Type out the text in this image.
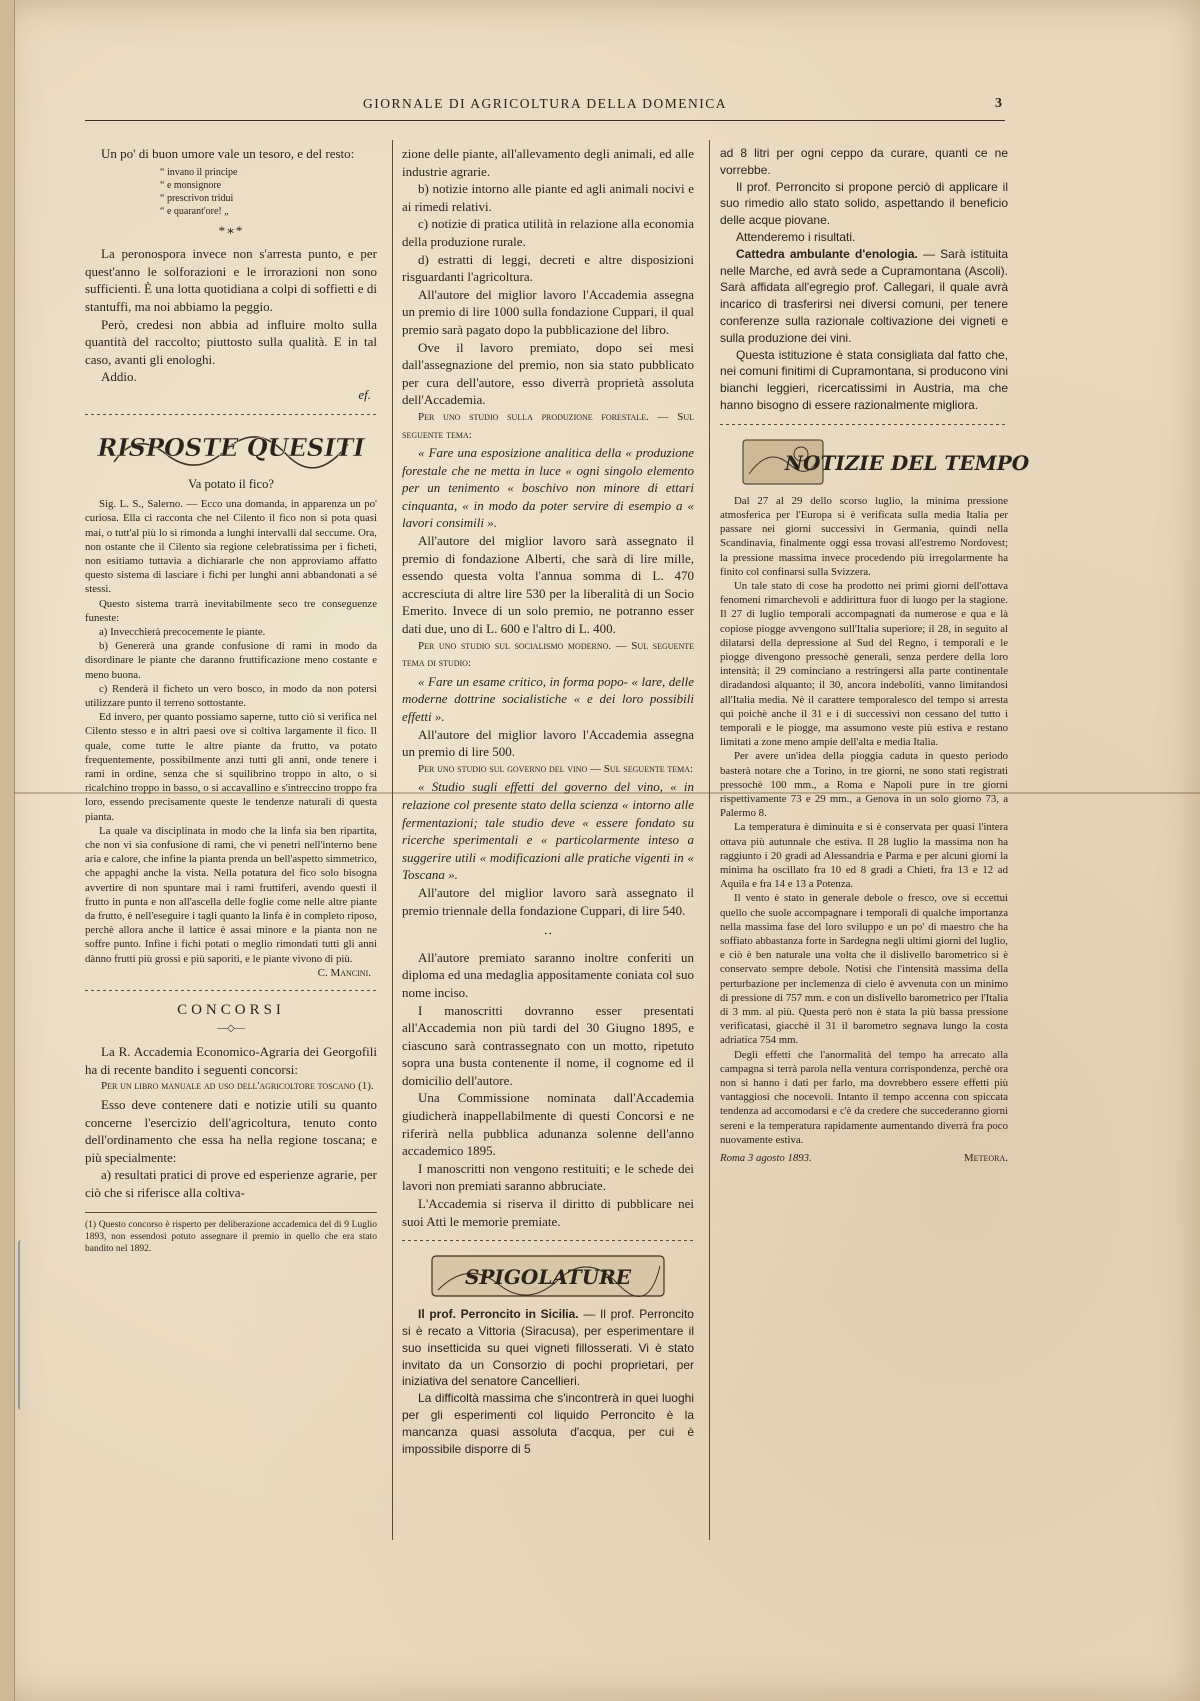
GIORNALE DI AGRICOLTURA DELLA DOMENICA	3

Un po' di buon umore vale un tesoro, e del resto:

“ invano il principe
“ e monsignore
“ prescrivon tridui
“ e quarant'ore! „
*∗*

La peronospora invece non s'arresta punto, e per quest'anno le solforazioni e le irrorazioni non sono sufficienti. È una lotta quotidiana a colpi di soffietti e di stantuffi, ma noi abbiamo la peggio.

Però, credesi non abbia ad influire molto sulla quantità del raccolto; piuttosto sulla qualità. E in tal caso, avanti gli enologhi.

Addio.

ef.
RISPOSTE QUESITI
Va potato il fico?

Sig. L. S., Salerno. — Ecco una domanda, in apparenza un po' curiosa. Ella ci racconta che nel Cilento il fico non si pota quasi mai, o tutt'al più lo si rimonda a lunghi intervalli dal seccume. Ora, non ostante che il Cilento sia regione celebratissima per i ficheti, non esitiamo tuttavia a dichiararle che non approviamo affatto questo sistema di lasciare i fichi per lunghi anni abbandonati a sé stessi.

Questo sistema trarrà inevitabilmente seco tre conseguenze funeste:

a) Invecchierà precocemente le piante.

b) Genererà una grande confusione di rami in modo da disordinare le piante che daranno fruttificazione meno costante e meno buona.

c) Renderà il ficheto un vero bosco, in modo da non potersi utilizzare punto il terreno sottostante.

Ed invero, per quanto possiamo saperne, tutto ciò si verifica nel Cilento stesso e in altri paesi ove si coltiva largamente il fico. Il quale, come tutte le altre piante da frutto, va potato frequentemente, possibilmente anzi tutti gli anni, onde tenere i rami in ordine, senza che si squilibrino troppo in alto, o si ricalchino troppo in basso, o si accavallino e s'intreccino troppo fra loro, essendo precisamente queste le tendenze naturali di questa pianta.

La quale va disciplinata in modo che la linfa sia ben ripartita, che non vi sia confusione di rami, che vi penetri nell'interno bene aria e calore, che infine la pianta prenda un bell'aspetto simmetrico, che appaghi anche la vista. Nella potatura del fico solo bisogna avvertire di non spuntare mai i rami fruttiferi, avendo questi il frutto in punta e non all'ascella delle foglie come nelle altre piante da frutto, è nell'eseguire i tagli quanto la linfa è in completo riposo, perchè allora anche il lattice è assai minore e la pianta non ne soffre punto. Infine i fichi potati o meglio rimondati tutti gli anni dànno frutti più grossi e più saporiti, e le piante vivono di più.

C. Mancini.
CONCORSI
—◇—

La R. Accademia Economico-Agraria dei Georgofili ha di recente bandito i seguenti concorsi:

Per un libro manuale ad uso dell'agricoltore toscano (1).

Esso deve contenere dati e notizie utili su quanto concerne l'esercizio dell'agricoltura, tenuto conto dell'ordinamento che essa ha nella regione toscana; e più specialmente:

a) resultati pratici di prove ed esperienze agrarie, per ciò che si riferisce alla coltiva-

(1) Questo concorso è risperto per deliberazione accademica del di 9 Luglio 1893, non essendosi potuto assegnare il premio in quello che era stato bandito nel 1892.

zione delle piante, all'allevamento degli animali, ed alle industrie agrarie.

b) notizie intorno alle piante ed agli animali nocivi e ai rimedi relativi.

c) notizie di pratica utilità in relazione alla economia della produzione rurale.

d) estratti di leggi, decreti e altre disposizioni risguardanti l'agricoltura.

All'autore del miglior lavoro l'Accademia assegna un premio di lire 1000 sulla fondazione Cuppari, il qual premio sarà pagato dopo la pubblicazione del libro.

Ove il lavoro premiato, dopo sei mesi dall'assegnazione del premio, non sia stato pubblicato per cura dell'autore, esso diverrà proprietà assoluta dell'Accademia.

Per uno studio sulla produzione forestale. — Sul seguente tema:

« Fare una esposizione analitica della « produzione forestale che ne metta in luce « ogni singolo elemento per un tenimento « boschivo non minore di ettari cinquanta, « in modo da poter servire di esempio a « lavori consimili ».

All'autore del miglior lavoro sarà assegnato il premio di fondazione Alberti, che sarà di lire mille, essendo questa volta l'annua somma di L. 470 accresciuta di altre lire 530 per la liberalità di un Socio Emerito. Invece di un solo premio, ne potranno esser dati due, uno di L. 600 e l'altro di L. 400.

Per uno studio sul socialismo moderno. — Sul seguente tema di studio:

« Fare un esame critico, in forma popo- « lare, delle moderne dottrine socialistiche « e dei loro possibili effetti ».

All'autore del miglior lavoro l'Accademia assegna un premio di lire 500.

Per uno studio sul governo del vino — Sul seguente tema:

« Studio sugli effetti del governo del vino, « in relazione col presente stato della scienza « intorno alle fermentazioni; tale studio deve « essere fondato su ricerche sperimentali e « particolarmente inteso a suggerire utili « modificazioni alle pratiche vigenti in « Toscana ».

All'autore del miglior lavoro sarà assegnato il premio triennale della fondazione Cuppari, di lire 540.

⋅⋅

All'autore premiato saranno inoltre conferiti un diploma ed una medaglia appositamente coniata col suo nome inciso.

I manoscritti dovranno esser presentati all'Accademia non più tardi del 30 Giugno 1895, e ciascuno sarà contrassegnato con un motto, ripetuto sopra una busta contenente il nome, il cognome ed il domicilio dell'autore.

Una Commissione nominata dall'Accademia giudicherà inappellabilmente di questi Concorsi e ne riferirà nella pubblica adunanza solenne dell'anno accademico 1895.

I manoscritti non vengono restituiti; e le schede dei lavori non premiati saranno abbruciate.

L'Accademia si riserva il diritto di pubblicare nei suoi Atti le memorie premiate.

SPIGOLATURE

Il prof. Perroncito in Sicilia. — Il prof. Perroncito si è recato a Vittoria (Siracusa), per esperimentare il suo insetticida su quei vigneti fillosserati. Vi è stato invitato da un Consorzio di pochi proprietari, per iniziativa del senatore Cancellieri.

La difficoltà massima che s'incontrerà in quei luoghi per gli esperimenti col liquido Perroncito è la mancanza quasi assoluta d'acqua, per cui è impossibile disporre di 5

ad 8 litri per ogni ceppo da curare, quanti ce ne vorrebbe.

Il prof. Perroncito si propone perciò di applicare il suo rimedio allo stato solido, aspettando il beneficio delle acque piovane.

Attenderemo i risultati.

Cattedra ambulante d'enologia. — Sarà istituita nelle Marche, ed avrà sede a Cupramontana (Ascoli). Sarà affidata all'egregio prof. Callegari, il quale avrà incarico di trasferirsi nei diversi comuni, per tenere conferenze sulla razionale coltivazione dei vigneti e sulla produzione dei vini.

Questa istituzione è stata consigliata dal fatto che, nei comuni finitimi di Cupramontana, si producono vini bianchi leggieri, ricercatissimi in Austria, ma che hanno bisogno di essere razionalmente migliora.

NOTIZIE DEL TEMPO

Dal 27 al 29 dello scorso luglio, la minima pressione atmosferica per l'Europa si è verificata sulla media Italia per passare nei giorni successivi in Germania, quindi nella Scandinavia, finalmente oggi essa trovasi all'estremo Nordovest; la pressione massima invece procedendo più irregolarmente ha finito col confinarsi sulla Svizzera.

Un tale stato di cose ha prodotto nei primi giorni dell'ottava fenomeni rimarchevoli e addirittura fuor di luogo per la stagione. Il 27 di luglio temporali accompagnati da numerose e qua e là copiose piogge avvengono sull'Italia superiore; il 28, in seguito al dilatarsi della depressione al Sud del Regno, i temporali e le piogge divengono pressochè generali, senza perdere della loro intensità; il 29 cominciano a restringersi alla parte continentale diradandosi alquanto; il 30, ancora indeboliti, vanno limitandosi all'Italia media. Nè il carattere temporalesco del tempo si arresta qui poichè anche il 31 e i di successivi non cessano del tutto i temporali e le piogge, ma assumono veste più estiva e restano limitati a zone meno ampie dell'alta e media Italia.

Per avere un'idea della pioggia caduta in questo periodo basterà notare che a Torino, in tre giorni, ne sono stati registrati pressochè 100 mm., a Roma e Napoli pure in tre giorni rispettivamente 73 e 29 mm., a Genova in un solo giorno 73, a Palermo 8.

La temperatura è diminuita e si è conservata per quasi l'intera ottava più autunnale che estiva. Il 28 luglio la massima non ha raggiunto i 20 gradi ad Alessandria e Parma e per alcuni giorni la minima ha oscillato fra 10 ed 8 gradi a Chieti, fra 13 e 12 ad Aquila e fra 14 e 13 a Potenza.

Il vento è stato in generale debole o fresco, ove si eccettui quello che suole accompagnare i temporali di qualche importanza nella massima fase del loro sviluppo e un po' di maestro che ha soffiato abbastanza forte in Sardegna negli ultimi giorni del luglio, e ciò è ben naturale una volta che il dislivello barometrico si è conservato sempre debole. Notisi che l'intensità massima della perturbazione per inclemenza di cielo è avvenuta con un minimo di pressione di 757 mm. e con un dislivello barometrico per l'Italia di 3 mm. al più. Questa però non è stata la più bassa pressione verificatasi, giacchè il 31 il barometro segnava lungo la costa adriatica 754 mm.

Degli effetti che l'anormalità del tempo ha arrecato alla campagna si terrà parola nella ventura corrispondenza, perchè ora non si hanno i dati per farlo, ma dovrebbero essere effetti più vantaggiosi che nocevoli. Intanto il tempo accenna con spiccata tendenza ad accomodarsi e c'è da credere che succederanno giorni sereni e la temperatura rapidamente aumentando diverrà fra poco nuovamente estiva.

Roma 3 agosto 1893.	Meteora.
